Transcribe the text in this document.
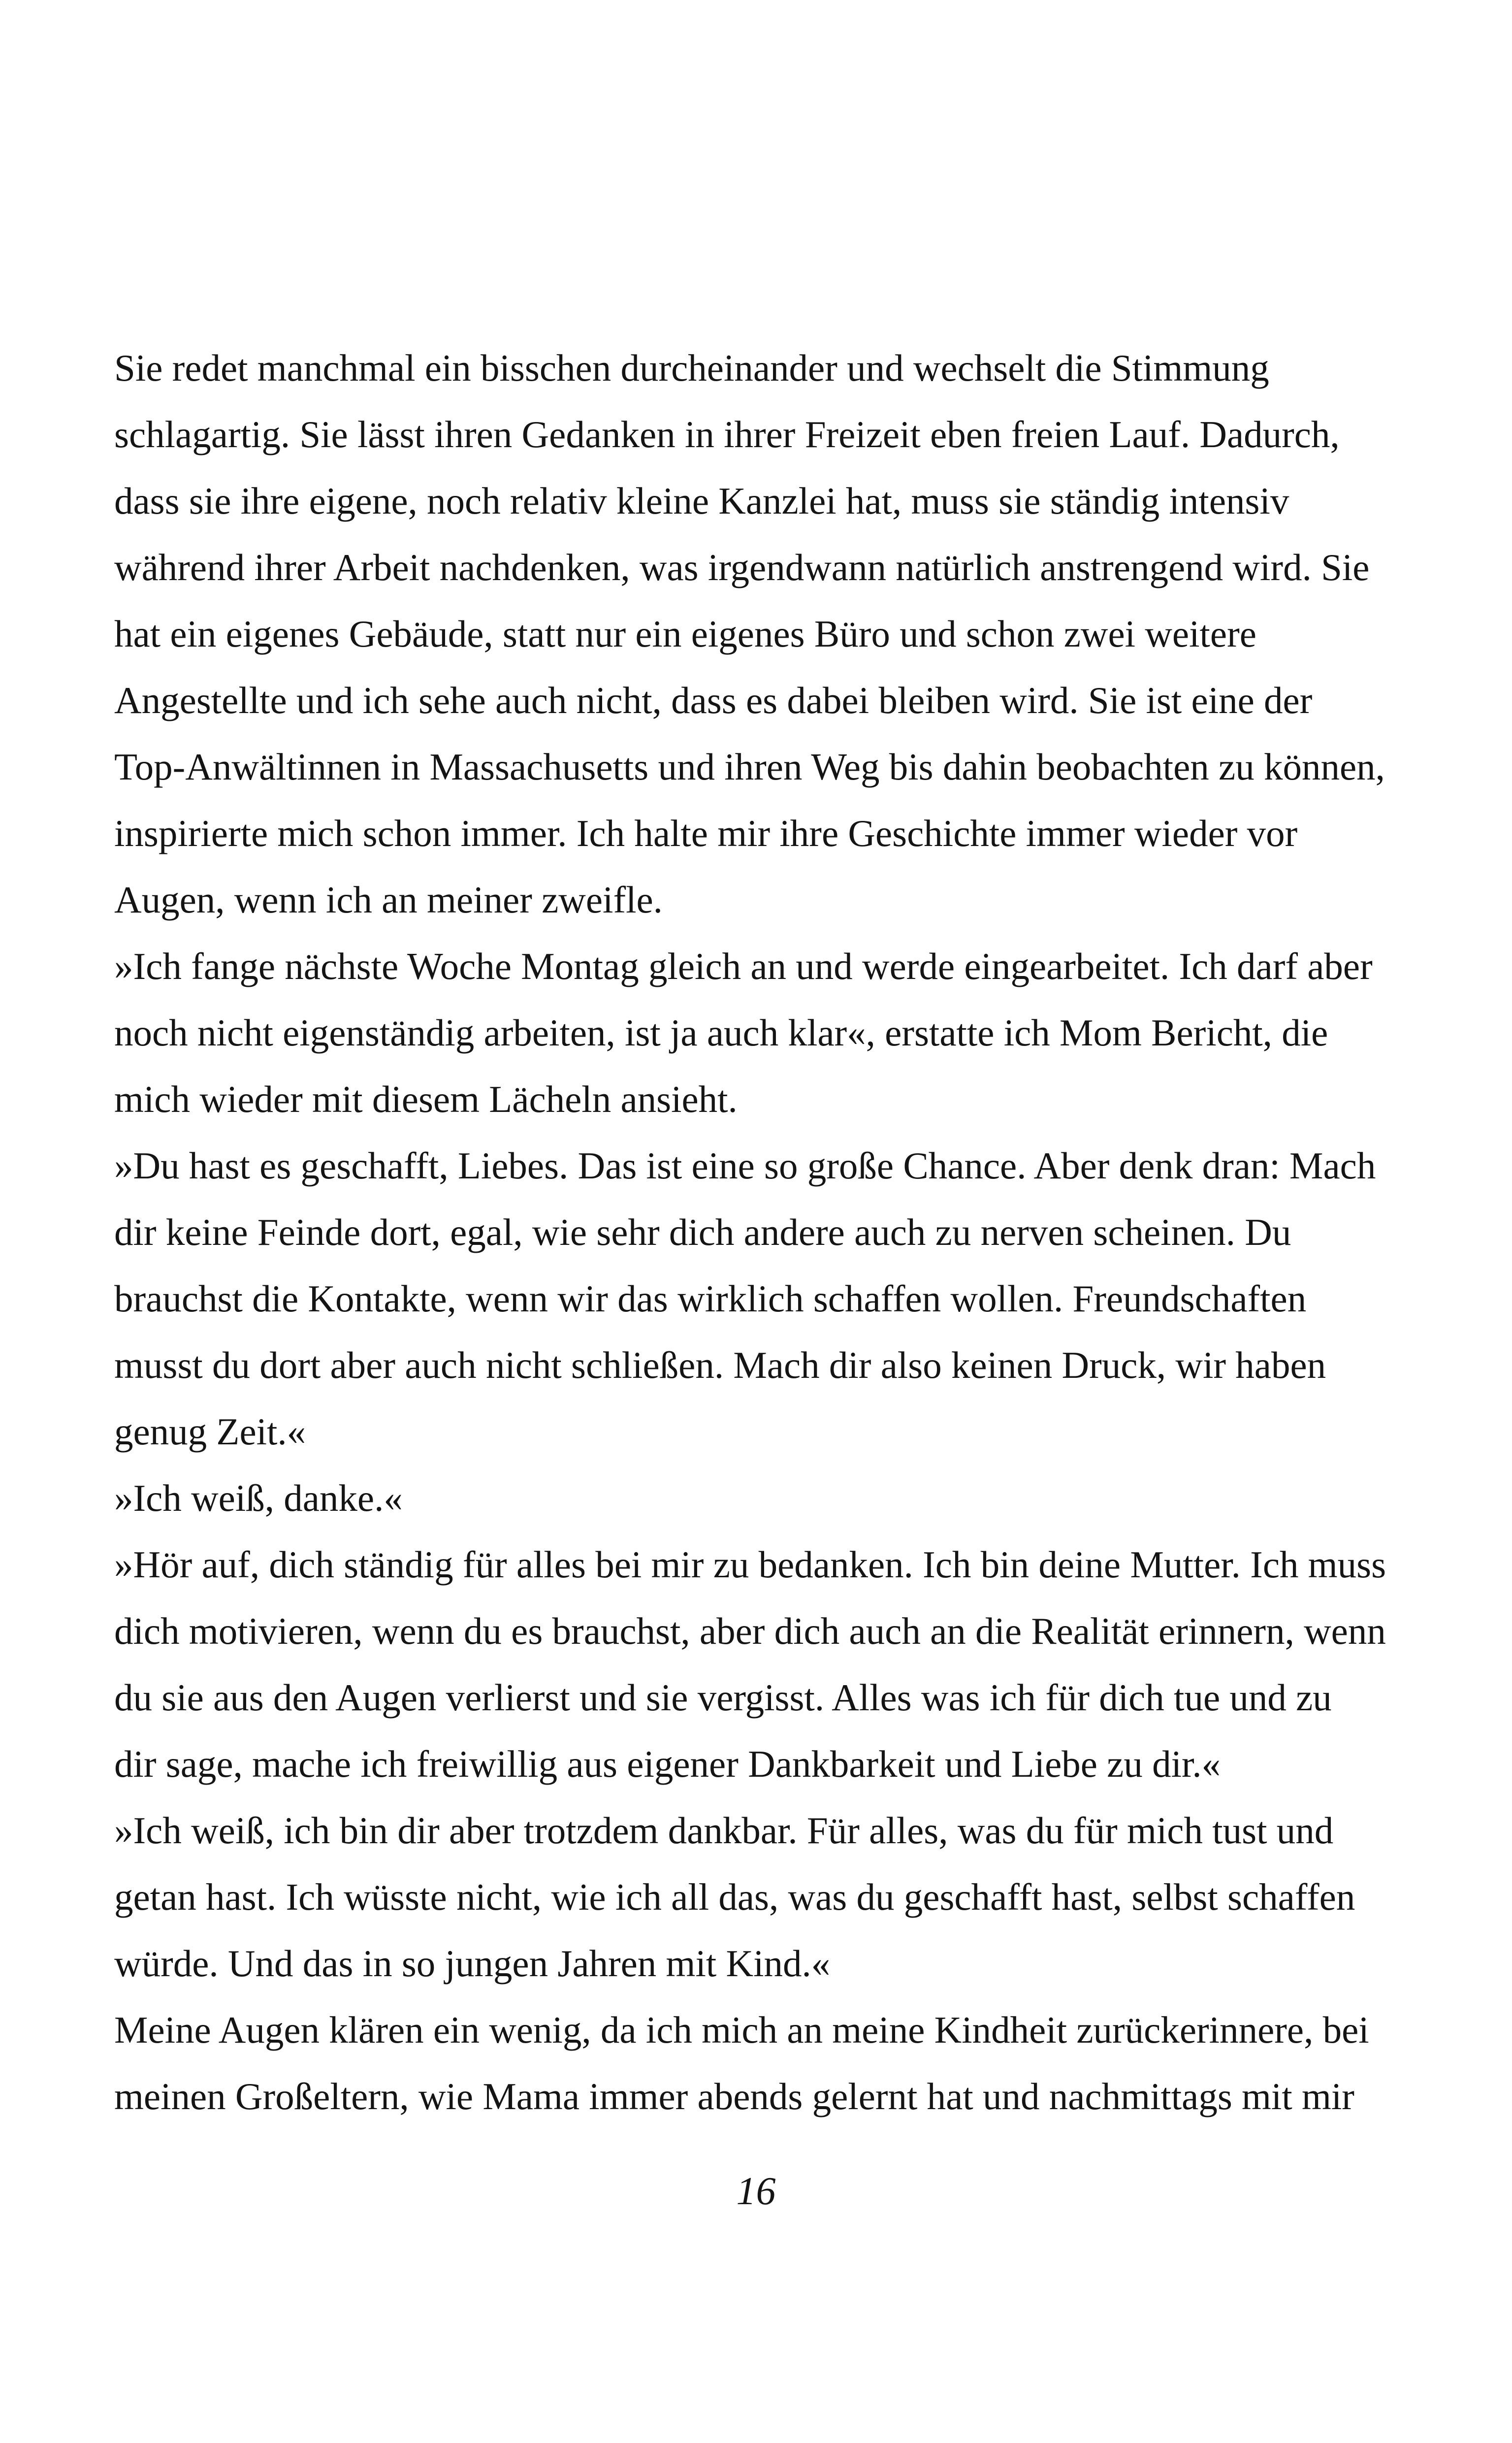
Sie redet manchmal ein bisschen durcheinander und wechselt die Stimmung
schlagartig. Sie lässt ihren Gedanken in ihrer Freizeit eben freien Lauf. Dadurch,
dass sie ihre eigene, noch relativ kleine Kanzlei hat, muss sie ständig intensiv
während ihrer Arbeit nachdenken, was irgendwann natürlich anstrengend wird. Sie
hat ein eigenes Gebäude, statt nur ein eigenes Büro und schon zwei weitere
Angestellte und ich sehe auch nicht, dass es dabei bleiben wird. Sie ist eine der
Top-Anwältinnen in Massachusetts und ihren Weg bis dahin beobachten zu können,
inspirierte mich schon immer. Ich halte mir ihre Geschichte immer wieder vor
Augen, wenn ich an meiner zweifle.
»Ich fange nächste Woche Montag gleich an und werde eingearbeitet. Ich darf aber
noch nicht eigenständig arbeiten, ist ja auch klar«, erstatte ich Mom Bericht, die
mich wieder mit diesem Lächeln ansieht.
»Du hast es geschafft, Liebes. Das ist eine so große Chance. Aber denk dran: Mach
dir keine Feinde dort, egal, wie sehr dich andere auch zu nerven scheinen. Du
brauchst die Kontakte, wenn wir das wirklich schaffen wollen. Freundschaften
musst du dort aber auch nicht schließen. Mach dir also keinen Druck, wir haben
genug Zeit.«
»Ich weiß, danke.«
»Hör auf, dich ständig für alles bei mir zu bedanken. Ich bin deine Mutter. Ich muss
dich motivieren, wenn du es brauchst, aber dich auch an die Realität erinnern, wenn
du sie aus den Augen verlierst und sie vergisst. Alles was ich für dich tue und zu
dir sage, mache ich freiwillig aus eigener Dankbarkeit und Liebe zu dir.«
»Ich weiß, ich bin dir aber trotzdem dankbar. Für alles, was du für mich tust und
getan hast. Ich wüsste nicht, wie ich all das, was du geschafft hast, selbst schaffen
würde. Und das in so jungen Jahren mit Kind.«
Meine Augen klären ein wenig, da ich mich an meine Kindheit zurückerinnere, bei
meinen Großeltern, wie Mama immer abends gelernt hat und nachmittags mit mir
16
